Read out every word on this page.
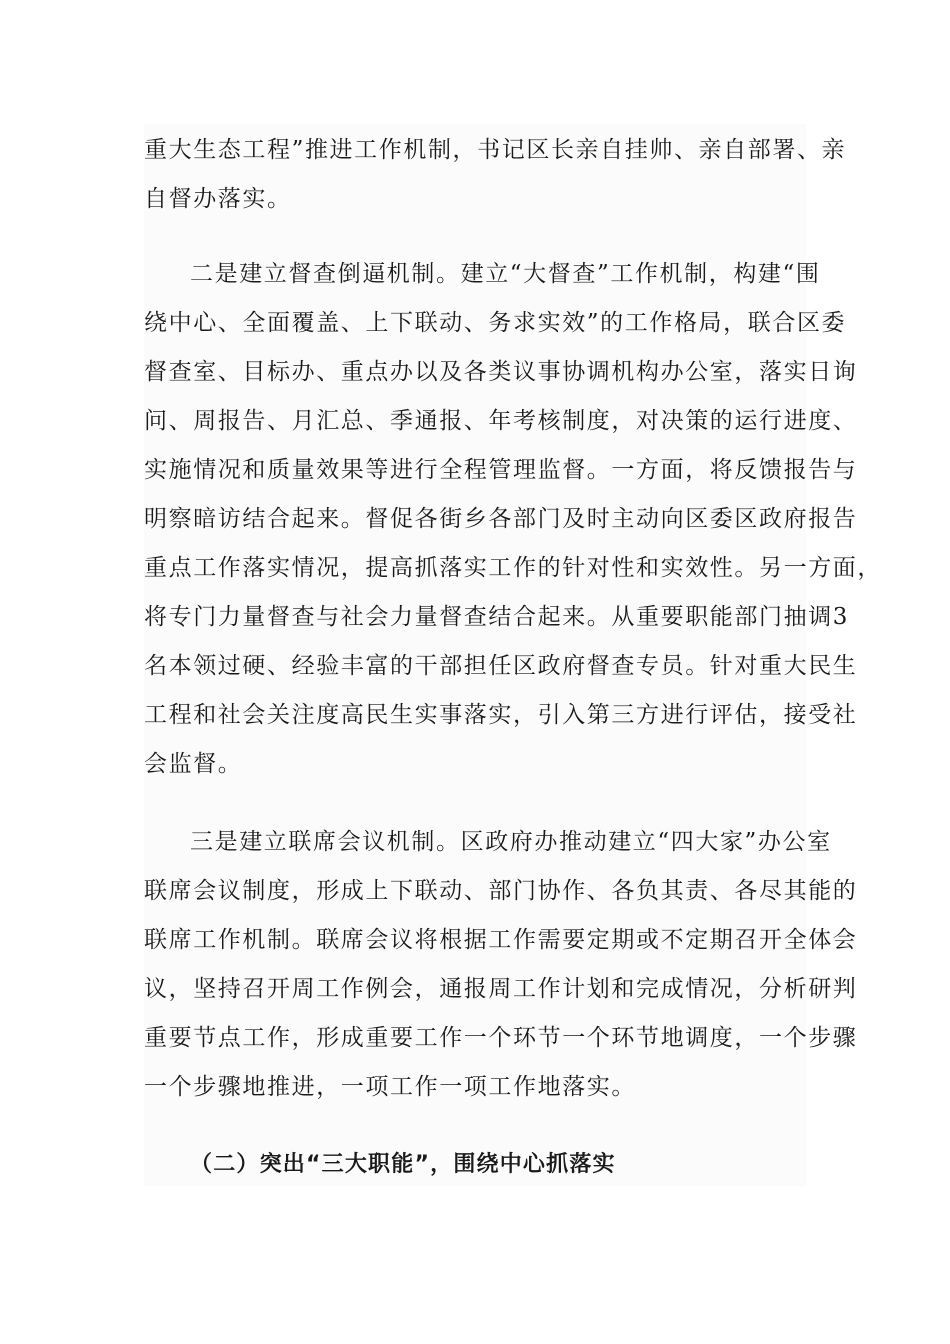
重大生态工程”推进工作机制，书记区长亲自挂帅、亲自部署、亲
自督办落实。
二是建立督查倒逼机制。建立“大督查”工作机制，构建“围
绕中心、全面覆盖、上下联动、务求实效”的工作格局，联合区委
督查室、目标办、重点办以及各类议事协调机构办公室，落实日询
问、周报告、月汇总、季通报、年考核制度，对决策的运行进度、
实施情况和质量效果等进行全程管理监督。一方面，将反馈报告与
明察暗访结合起来。督促各街乡各部门及时主动向区委区政府报告
重点工作落实情况，提高抓落实工作的针对性和实效性。另一方面，
将专门力量督查与社会力量督查结合起来。从重要职能部门抽调3
名本领过硬、经验丰富的干部担任区政府督查专员。针对重大民生
工程和社会关注度高民生实事落实，引入第三方进行评估，接受社
会监督。
三是建立联席会议机制。区政府办推动建立“四大家”办公室
联席会议制度，形成上下联动、部门协作、各负其责、各尽其能的
联席工作机制。联席会议将根据工作需要定期或不定期召开全体会
议，坚持召开周工作例会，通报周工作计划和完成情况，分析研判
重要节点工作，形成重要工作一个环节一个环节地调度，一个步骤
一个步骤地推进，一项工作一项工作地落实。
（二）突出“三大职能”，围绕中心抓落实
